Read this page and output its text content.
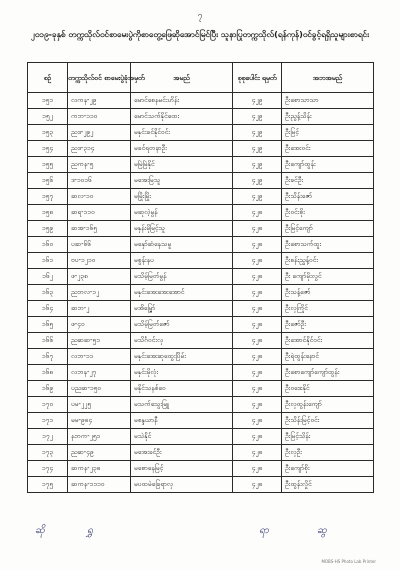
၇
၂၀၁၉-ခုနှစ် တက္ကသိုလ်ဝင်စာမေးပွဲကိုစာတွေ့ဖြေဆိုအောင်မြင်ပြီး သူနာပြုတက္ကသိုလ်(ရန်ကုန်)ဝင်ခွင့်ရရှိသူများစာရင်း
စဉ်	တက္ကသိုလ်ဝင် စာမေးပွဲခုံအမှတ်	အမည်	စုစုပေါင်း ရမှတ်	အဘအမည်
၁၅၁	လကန-၂၉	မောင်စေနမင်းဟိန်း	၄၂၉	ဦးစောသာသာ
၁၅၂	ကဘ-၁၁၀	မောင်သက်နိုင်ထေး	၄၂၉	ဦးညွန့်သိန်း
၁၅၃	ညဒ-၂၉၂	မနှင်းခင်နိုင်ဝင်း	၄၂၉	ဦးမြင့်
၁၅၄	ညဒ-၃၁၄	မခင်ရတနာဦး	၄၂၉	ဦးအေးဝင်း
၁၅၅	ညကန-၅	မမြဲမြဲနိုင်	၄၂၉	ဦးကျော်ထွန်း
၁၅၆	ဒ-၁၀၁၆	မအေးမြသူ	၄၂၉	ဦးခင်ဦး
၁၅၇	ဆလ-၁၀	မမြိုးမြိုး	၄၂၉	ဦးသိန်းဇော်
၁၅၈	ဆရ-၁၁၀	မဆုလဲ့မွန်	၄၂၈	ဦးဝင်းစိုး
၁၅၉	ဆအ-၁၆၅	မနှန်းမိုမြင့်သူ	၄၂၈	ဦးမြင့်ကျော်
၁၆၀	ပဆ-၆၆	မနှော်ဆံနေသမူ	၄၂၈	ဦးစောသက်ထူး
၁၆၁	ဗပ-၁၂၁၀	မစွန်းနပ	၄၂၈	ဦးစန်းညွှန့်ဝင်း
၁၆၂	ဖ-၂၃၈	မသိမ့်မြတ်မွန်	၄၂၈	ဦး ကျော်မိုးလွင်
၁၆၃	ညဘလ-၁၂	မနှင်းအေးအေးအောင်	၄၂၈	ဦးသန့်ဇော်
၁၆၄	ဆဘ-၂	မအိမ္မြော်	၄၂၈	ဦးလှကြိုင်
၁၆၅	ဖ-၄၀	မသိမ့်မြတ်ဇော်	၄၂၈	ဦးဇော်ဦး
၁၆၆	ညဆဆ-၅၁	မသိင်္ဂဝင်းလှ	၄၂၈	ဦးအောင်နိုင်ဝင်း
၁၆၇	လဘ-၁၁	မနှင်းအေးဆုထွေးပြိမ်း	၄၂၈	ဦးရဲထွန်းနောင်
၁၆၈	လဘန-၂၇	မနှင်းမိုလုံး	၄၂၈	ဦးစောကျော်ကျော်ထွန်း
၁၆၉	ပညဆ-၁၅၀	မနိုင်သနစ်ဝေ	၄၂၈	ဦးဝဒေးနိုင်
၁၇၀	ပမ-၂၂၅	မသက်သွေးမြူ	၄၂၈	ဦးလှထွန်းကျော်
၁၇၁	မမ-၉၈၄	မစန္ဒယာနီ	၄၂၈	ဦးသိန်းမြင့်ဝင်း
၁၇၂	နဘက-၂၅၁	မသဲနိုင်	၄၂၈	ဦးမြင့်သိန်း
၁၇၃	ညဆ-၄၉	မအေးခင်ဦး	၄၂၈	ဦးလှဦး
၁၇၄	ဆကန-၂၃၈	မစောနေမြင့်	၄၂၈	ဦးကျော်စိုး
၁၇၅	ဆကန-၁၁၁၀	မပထမဲခြေရာလှ	၄၂၈	ဦးထွန်းလှိုင်
ဆို	ရွှ	ရာ	ဆွ
MOBS-HS Photo Lab Printer
